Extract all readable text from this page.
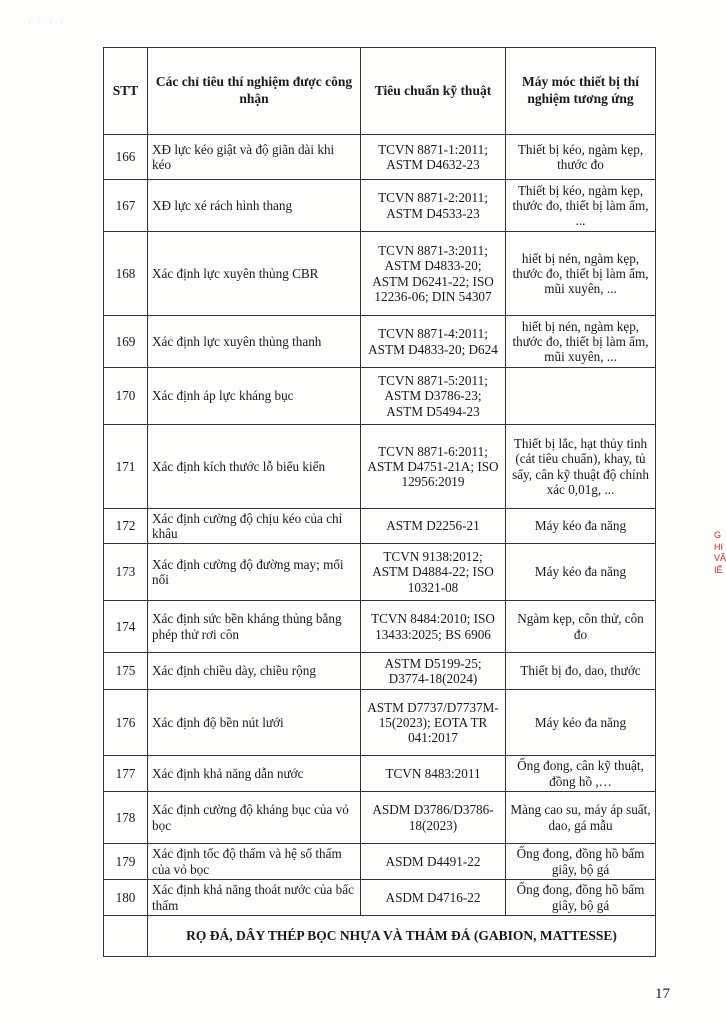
· · · ·
STT	Các chỉ tiêu thí nghiệm được công nhận	Tiêu chuẩn kỹ thuật	Máy móc thiết bị thí nghiệm tương ứng
166	XĐ lực kéo giật và độ giãn dài khi kéo	TCVN 8871-1:2011; ASTM D4632-23	Thiết bị kéo, ngàm kẹp, thước đo
167	XĐ lực xé rách hình thang	TCVN 8871-2:2011; ASTM D4533-23	Thiết bị kéo, ngàm kẹp, thước đo, thiết bị làm ẩm, ...
168	Xác định lực xuyên thủng CBR	TCVN 8871-3:2011; ASTM D4833-20; ASTM D6241-22; ISO 12236-06; DIN 54307	hiết bị nén, ngàm kẹp, thước đo, thiết bị làm ẩm, mũi xuyên, ...
169	Xác định lực xuyên thủng thanh	TCVN 8871-4:2011; ASTM D4833-20; D624	hiết bị nén, ngàm kẹp, thước đo, thiết bị làm ẩm, mũi xuyên, ...
170	Xác định áp lực kháng bục	TCVN 8871-5:2011; ASTM D3786-23; ASTM D5494-23	
171	Xác định kích thước lỗ biểu kiến	TCVN 8871-6:2011; ASTM D4751-21A; ISO 12956:2019	Thiết bị lắc, hạt thủy tinh (cát tiêu chuẩn), khay, tủ sấy, cân kỹ thuật độ chính xác 0,01g, ...
172	Xác định cường độ chịu kéo của chỉ khâu	ASTM D2256-21	Máy kéo đa năng
173	Xác định cường độ đường may; mối nối	TCVN 9138:2012; ASTM D4884-22; ISO 10321-08	Máy kéo đa năng
174	Xác định sức bền kháng thủng bằng phép thử rơi côn	TCVN 8484:2010; ISO 13433:2025; BS 6906	Ngàm kẹp, côn thử, côn đo
175	Xác định chiều dày, chiều rộng	ASTM D5199-25; D3774-18(2024)	Thiết bị đo, dao, thước
176	Xác định độ bền nút lưới	ASTM D7737/D7737M-15(2023); EOTA TR 041:2017	Máy kéo đa năng
177	Xác định khả năng dẫn nước	TCVN 8483:2011	Ống đong, cân kỹ thuật, đồng hồ ,…
178	Xác định cường độ kháng bục của vỏ bọc	ASDM D3786/D3786-18(2023)	Màng cao su, máy áp suất, dao, gá mẫu
179	Xác định tốc độ thấm và hệ số thấm của vỏ bọc	ASDM D4491-22	Ống đong, đồng hồ bấm giây, bộ gá
180	Xác định khả năng thoát nước của bấc thấm	ASDM D4716-22	Ống đong, đồng hồ bấm giây, bộ gá
	RỌ ĐÁ, DÂY THÉP BỌC NHỰA VÀ THẢM ĐÁ (GABION, MATTESSE)		
17
G
HI
VÃ
IỂ
